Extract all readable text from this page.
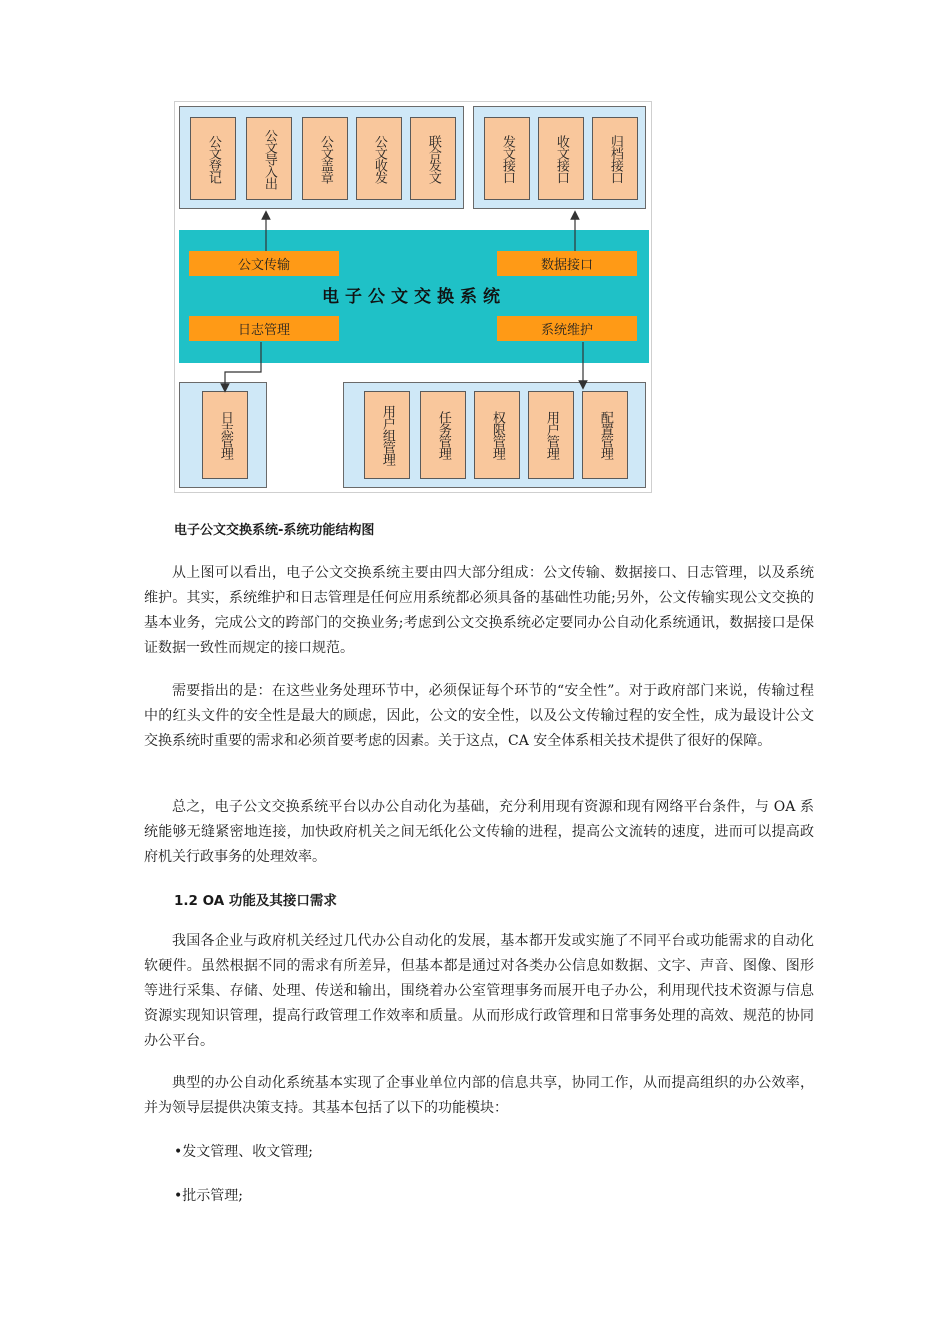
公文登记	公文导入出	公文盖章	公文收发	联合发文	发文接口	收文接口	归档接口
公文传输	数据接口
电子公文交换系统
日志管理	系统维护
日志管理	用户组管理	任务管理	权限管理	用户管理	配置管理
电子公文交换系统-系统功能结构图

从上图可以看出，电子公文交换系统主要由四大部分组成：公文传输、数据接口、日志管理，以及系统维护。其实，系统维护和日志管理是任何应用系统都必须具备的基础性功能;另外，公文传输实现公文交换的基本业务，完成公文的跨部门的交换业务;考虑到公文交换系统必定要同办公自动化系统通讯，数据接口是保证数据一致性而规定的接口规范。

需要指出的是：在这些业务处理环节中，必须保证每个环节的“安全性”。对于政府部门来说，传输过程中的红头文件的安全性是最大的顾虑，因此，公文的安全性，以及公文传输过程的安全性，成为最设计公文交换系统时重要的需求和必须首要考虑的因素。关于这点，CA 安全体系相关技术提供了很好的保障。

总之，电子公文交换系统平台以办公自动化为基础，充分利用现有资源和现有网络平台条件，与 OA 系统能够无缝紧密地连接，加快政府机关之间无纸化公文传输的进程，提高公文流转的速度，进而可以提高政府机关行政事务的处理效率。

1.2 OA 功能及其接口需求

我国各企业与政府机关经过几代办公自动化的发展，基本都开发或实施了不同平台或功能需求的自动化软硬件。虽然根据不同的需求有所差异，但基本都是通过对各类办公信息如数据、文字、声音、图像、图形等进行采集、存储、处理、传送和输出，围绕着办公室管理事务而展开电子办公，利用现代技术资源与信息资源实现知识管理，提高行政管理工作效率和质量。从而形成行政管理和日常事务处理的高效、规范的协同办公平台。

典型的办公自动化系统基本实现了企事业单位内部的信息共享，协同工作，从而提高组织的办公效率，并为领导层提供决策支持。其基本包括了以下的功能模块：

•发文管理、收文管理;
•批示管理;
